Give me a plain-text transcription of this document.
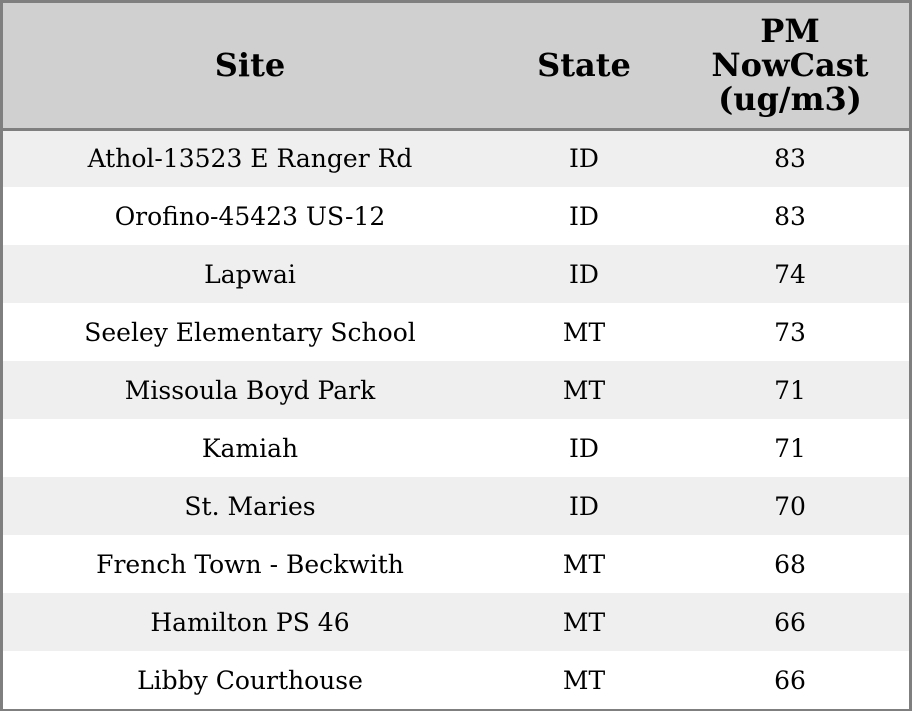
Site	State	PM
NowCast
(ug/m3)

Athol-13523 E Ranger Rd	ID	83
Orofino-45423 US-12	ID	83
Lapwai	ID	74
Seeley Elementary School	MT	73
Missoula Boyd Park	MT	71
Kamiah	ID	71
St. Maries	ID	70
French Town - Beckwith	MT	68
Hamilton PS 46	MT	66
Libby Courthouse	MT	66
